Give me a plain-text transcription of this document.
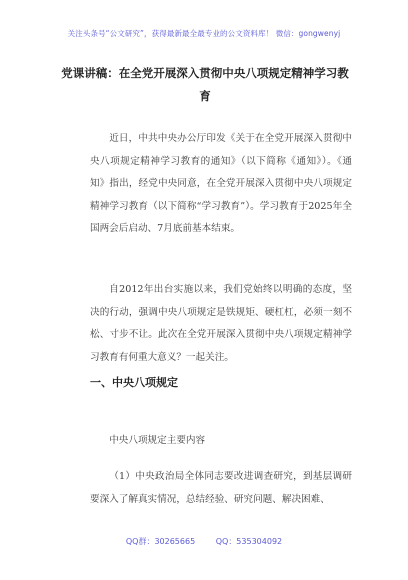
关注头条号“公文研究”，获得最新最全最专业的公文资料库！ 微信：gongwenyj
党课讲稿：在全党开展深入贯彻中央八项规定精神学习教育
近日，中共中央办公厅印发《关于在全党开展深入贯彻中央八项规定精神学习教育的通知》（以下简称《通知》）。《通知》指出，经党中央同意，在全党开展深入贯彻中央八项规定精神学习教育（以下简称“学习教育”）。学习教育于2025年全国两会后启动、7月底前基本结束。
自2012年出台实施以来，我们党始终以明确的态度，坚决的行动，强调中央八项规定是铁规矩、硬杠杠，必须一刻不松、寸步不让。此次在全党开展深入贯彻中央八项规定精神学习教育有何重大意义？一起关注。
一、中央八项规定
中央八项规定主要内容
（1）中央政治局全体同志要改进调查研究，到基层调研要深入了解真实情况，总结经验、研究问题、解决困难、
QQ群：30265665	QQ：535304092
